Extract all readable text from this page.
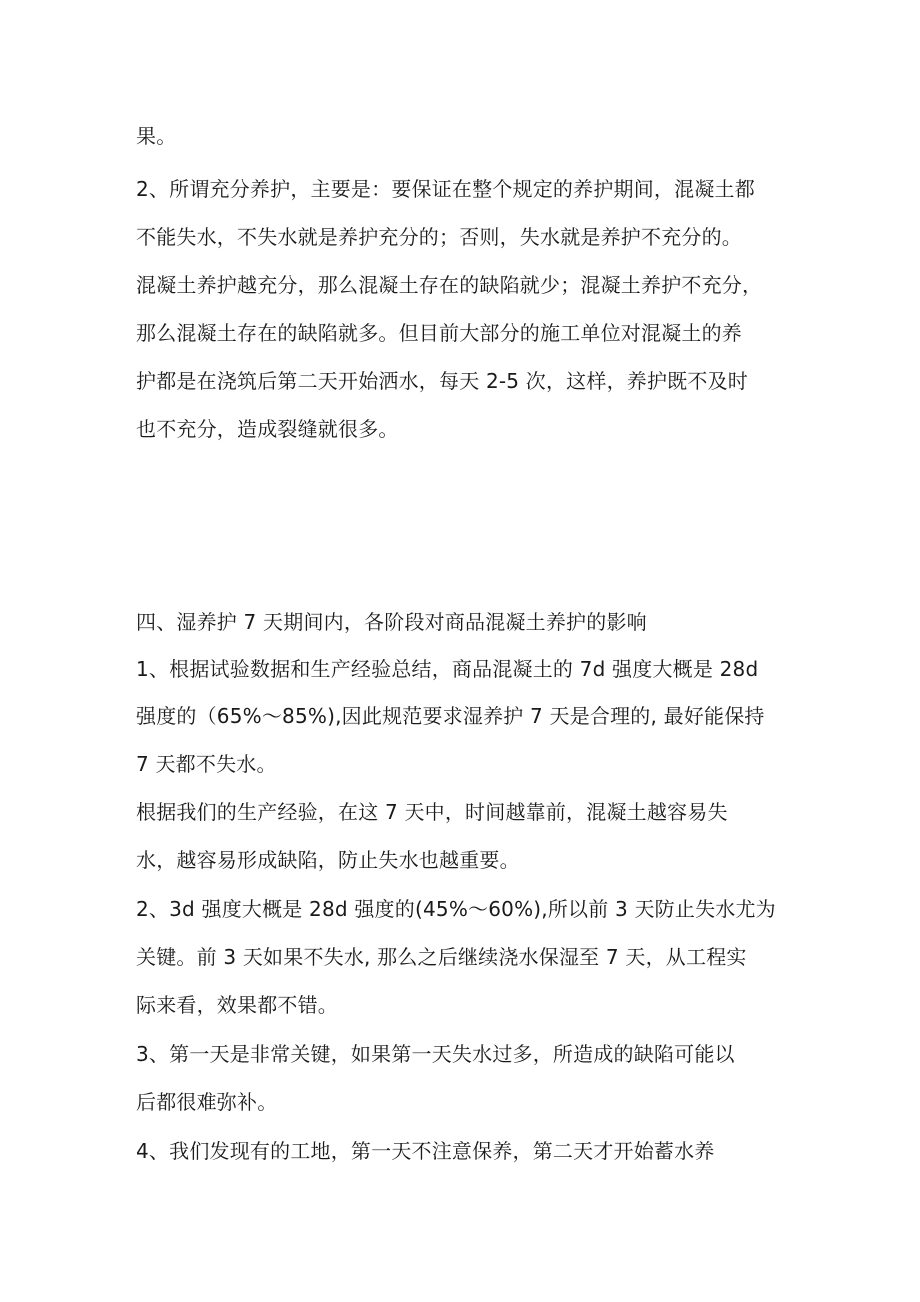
果。
2、所谓充分养护，主要是：要保证在整个规定的养护期间，混凝土都
不能失水，不失水就是养护充分的；否则，失水就是养护不充分的。
混凝土养护越充分，那么混凝土存在的缺陷就少；混凝土养护不充分，
那么混凝土存在的缺陷就多。但目前大部分的施工单位对混凝土的养
护都是在浇筑后第二天开始洒水，每天 2-5 次，这样，养护既不及时
也不充分，造成裂缝就很多。
四、湿养护 7 天期间内，各阶段对商品混凝土养护的影响
1、根据试验数据和生产经验总结，商品混凝土的 7d 强度大概是 28d
强度的（65%～85%),因此规范要求湿养护 7 天是合理的, 最好能保持
7 天都不失水。
根据我们的生产经验，在这 7 天中，时间越靠前，混凝土越容易失
水，越容易形成缺陷，防止失水也越重要。
2、3d 强度大概是 28d 强度的(45%～60%),所以前 3 天防止失水尤为
关键。前 3 天如果不失水, 那么之后继续浇水保湿至 7 天，从工程实
际来看，效果都不错。
3、第一天是非常关键，如果第一天失水过多，所造成的缺陷可能以
后都很难弥补。
4、我们发现有的工地，第一天不注意保养，第二天才开始蓄水养
